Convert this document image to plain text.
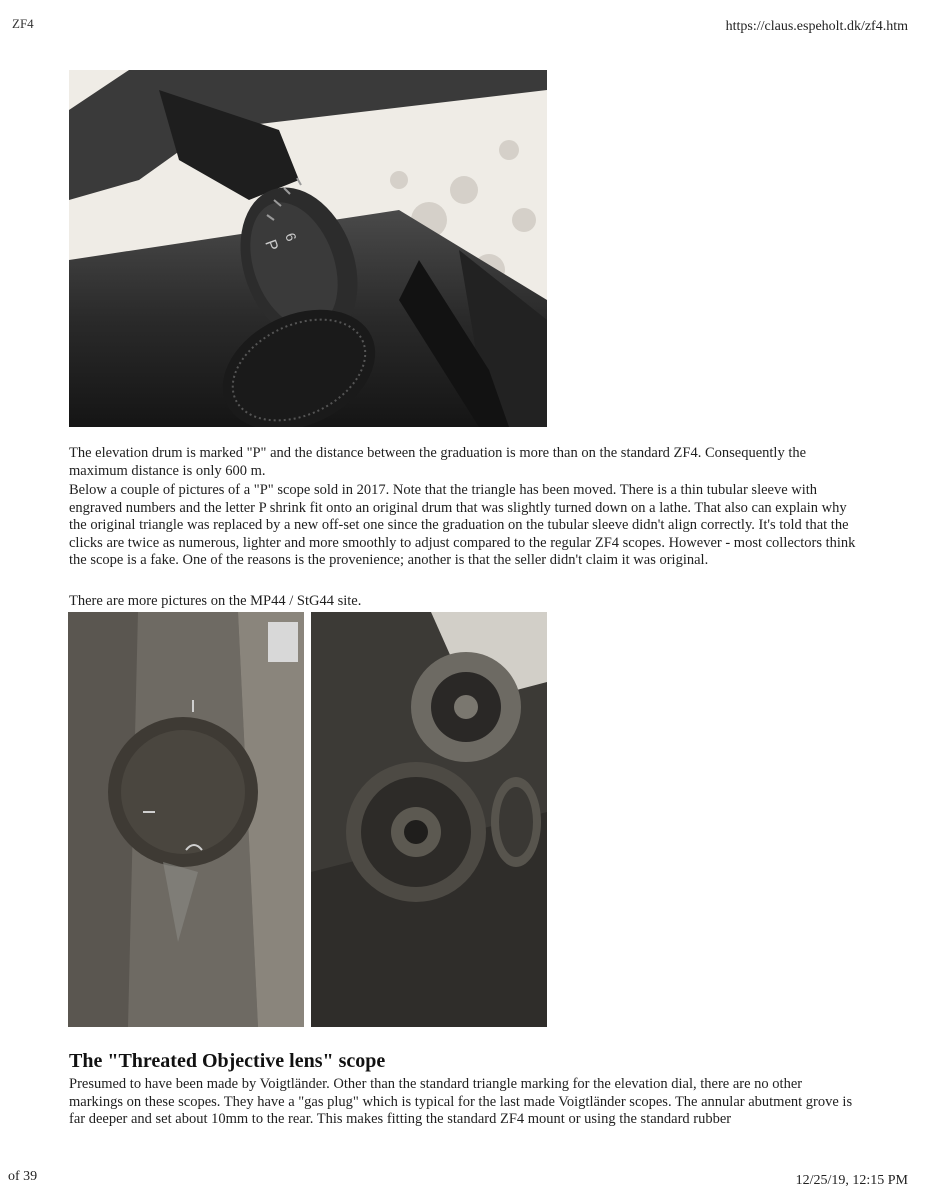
ZF4	https://claus.espeholt.dk/zf4.htm
P
6

The elevation drum is marked "P" and the distance between the graduation is more than on the standard ZF4. Consequently the maximum distance is only 600 m.

Below a couple of pictures of a "P" scope sold in 2017. Note that the triangle has been moved. There is a thin tubular sleeve with engraved numbers and the letter P shrink fit onto an original drum that was slightly turned down on a lathe. That also can explain why the original triangle was replaced by a new off-set one since the graduation on the tubular sleeve didn't align correctly. It's told that the clicks are twice as numerous, lighter and more smoothly to adjust compared to the regular ZF4 scopes. However - most collectors think the scope is a fake. One of the reasons is the provenience; another is that the seller didn't claim it was original.

There are more pictures on the MP44 / StG44 site.

The "Threated Objective lens" scope

Presumed to have been made by Voigtländer. Other than the standard triangle marking for the elevation dial, there are no other markings on these scopes. They have a "gas plug" which is typical for the last made Voigtländer scopes. The annular abutment grove is far deeper and set about 10mm to the rear. This makes fitting the standard ZF4 mount or using the standard rubber

of 39	12/25/19, 12:15 PM
